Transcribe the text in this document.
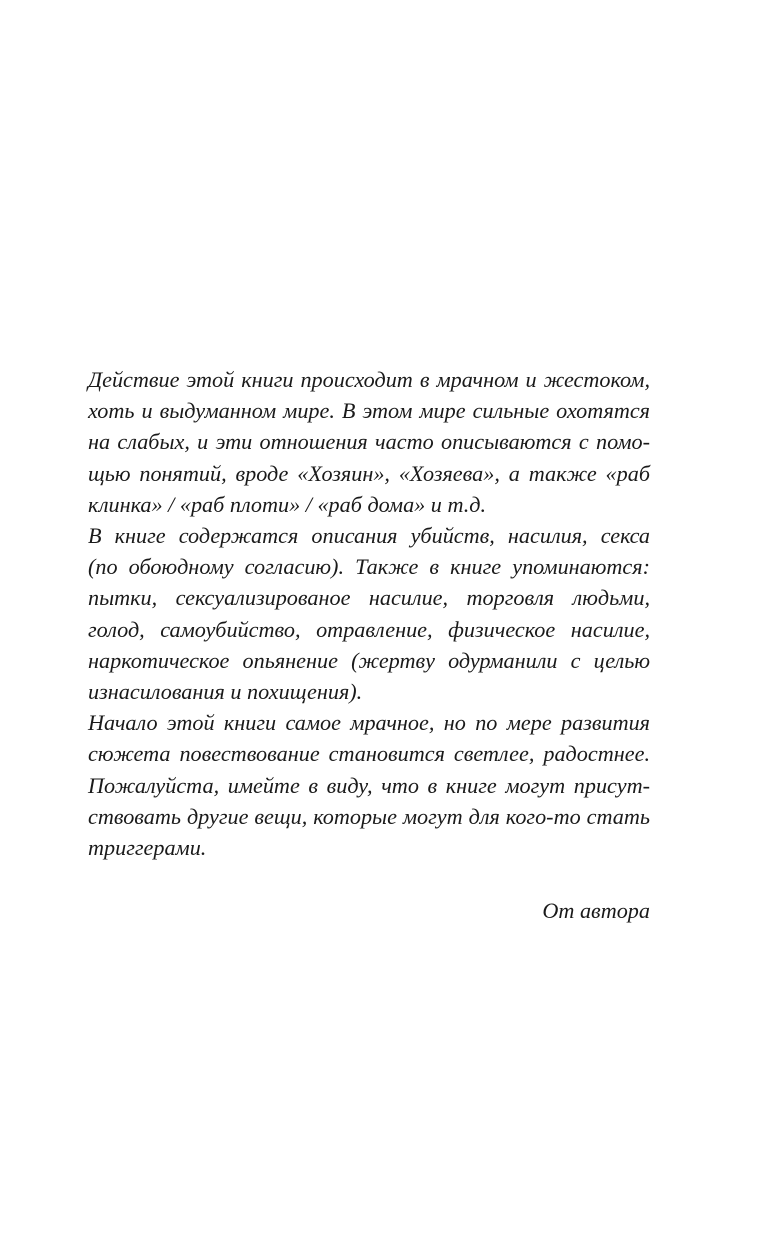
Действие этой книги происходит в мрачном и жестоком,
хоть и выдуманном мире. В этом мире сильные охотятся
на слабых, и эти отношения часто описываются с помо-
щью понятий, вроде «Хозяин», «Хозяева», а также «раб
клинка» / «раб плоти» / «раб дома» и т.д.

В книге содержатся описания убийств, насилия, секса
(по обоюдному согласию). Также в книге упоминаются:
пытки, сексуализированое насилие, торговля людьми,
голод, самоубийство, отравление, физическое насилие,
наркотическое опьянение (жертву одурманили с целью
изнасилования и похищения).

Начало этой книги самое мрачное, но по мере развития
сюжета повествование становится светлее, радостнее.
Пожалуйста, имейте в виду, что в книге могут присут-
ствовать другие вещи, которые могут для кого-то стать
триггерами.

От автора
